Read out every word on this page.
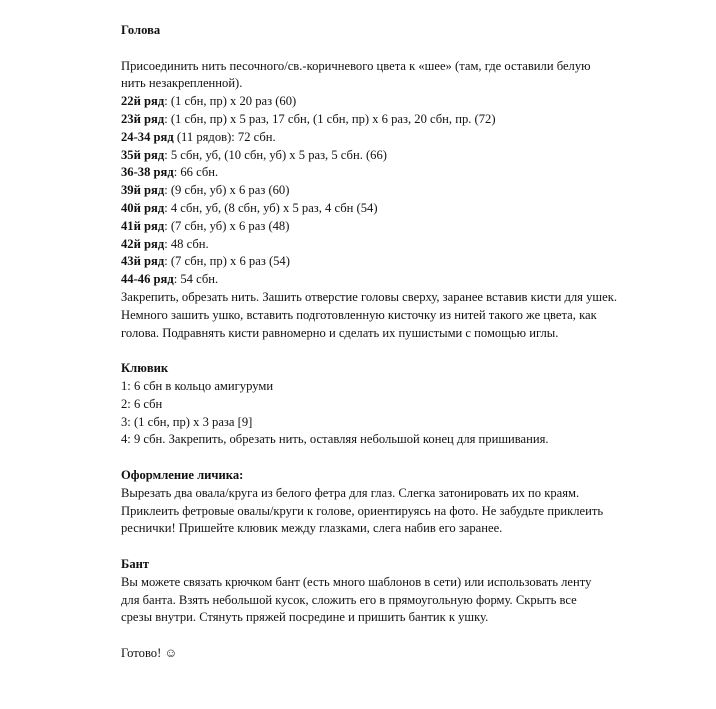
Голова

Присоединить нить песочного/св.-коричневого цвета к «шее» (там, где оставили белую нить незакрепленной).

22й ряд: (1 сбн, пр) х 20 раз (60)

23й ряд: (1 сбн, пр) х 5 раз, 17 сбн, (1 сбн, пр) х 6 раз, 20 сбн, пр. (72)

24-34 ряд (11 рядов): 72 сбн.

35й ряд: 5 сбн, уб, (10 сбн, уб) х 5 раз, 5 сбн. (66)

36-38 ряд: 66 сбн.

39й ряд: (9 сбн, уб) х 6 раз (60)

40й ряд: 4 сбн, уб, (8 сбн, уб) х 5 раз, 4 сбн (54)

41й ряд: (7 сбн, уб) х 6 раз (48)

42й ряд: 48 сбн.

43й ряд: (7 сбн, пр) х 6 раз (54)

44-46 ряд: 54 сбн.

Закрепить, обрезать нить. Зашить отверстие головы сверху, заранее вставив кисти для ушек. Немного зашить ушко, вставить подготовленную кисточку из нитей такого же цвета, как голова. Подравнять кисти равномерно и сделать их пушистыми с помощью иглы.

Клювик

1: 6 сбн в кольцо амигуруми

2: 6 сбн

3: (1 сбн, пр) х 3 раза [9]

4: 9 сбн. Закрепить, обрезать нить, оставляя небольшой конец для пришивания.

Оформление личика:

Вырезать два овала/круга из белого фетра для глаз. Слегка затонировать их по краям. Приклеить фетровые овалы/круги к голове, ориентируясь на фото. Не забудьте приклеить реснички! Пришейте клювик между глазками, слега набив его заранее.

Бант

Вы можете связать крючком бант (есть много шаблонов в сети) или использовать ленту для банта. Взять небольшой кусок, сложить его в прямоугольную форму. Скрыть все срезы внутри. Стянуть пряжей посредине и пришить бантик к ушку.

Готово! ☺
